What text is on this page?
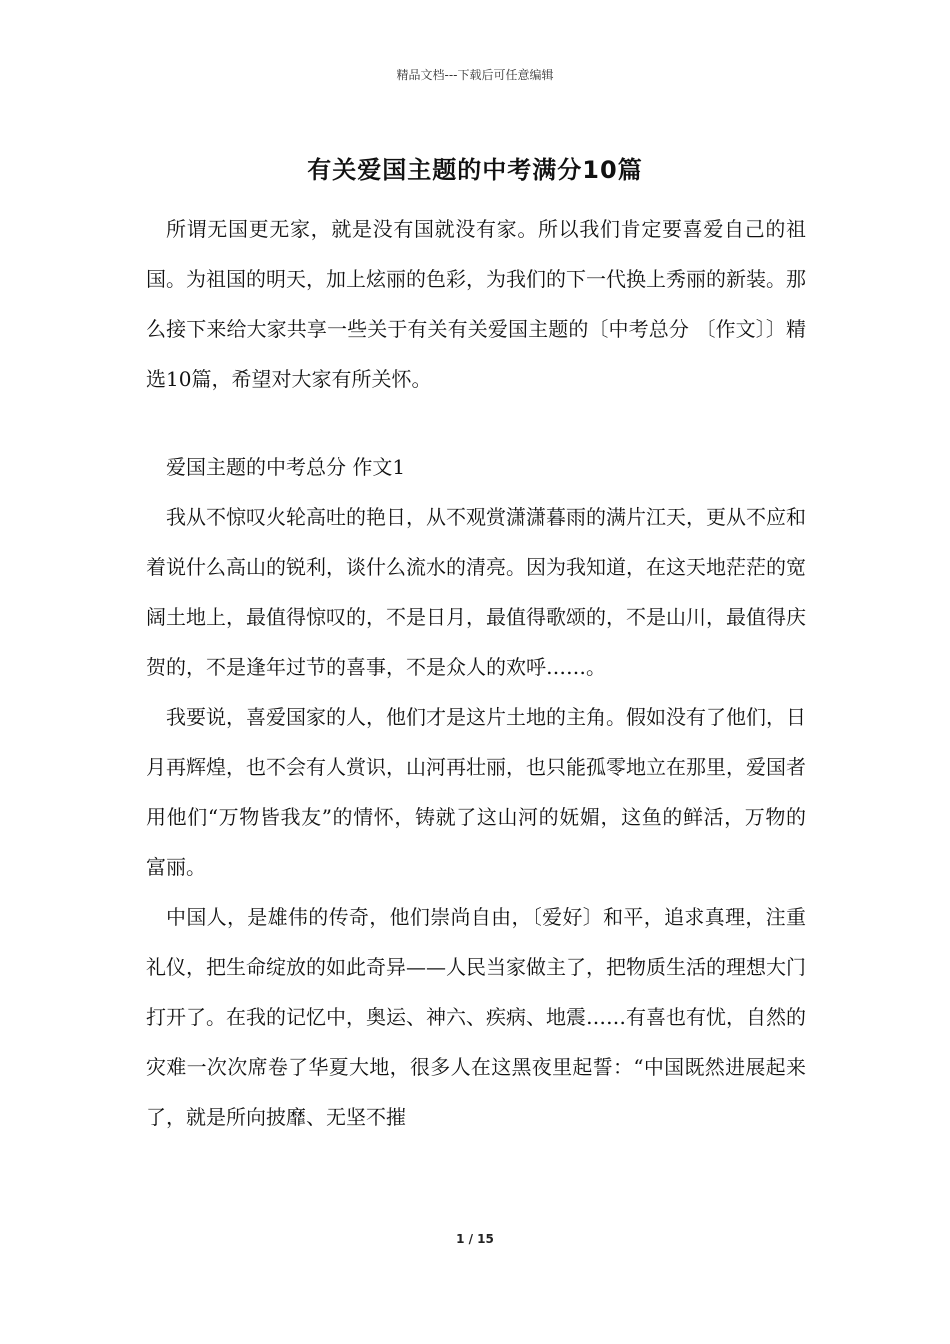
精品文档---下载后可任意编辑
有关爱国主题的中考满分10篇

所谓无国更无家，就是没有国就没有家。所以我们肯定要喜爱自己的祖国。为祖国的明天，加上炫丽的色彩，为我们的下一代换上秀丽的新装。那么接下来给大家共享一些关于有关有关爱国主题的〔中考总分 〔作文〕〕精选10篇，希望对大家有所关怀。

爱国主题的中考总分 作文1

我从不惊叹火轮高吐的艳日，从不观赏潇潇暮雨的满片江天，更从不应和着说什么高山的锐利，谈什么流水的清亮。因为我知道，在这天地茫茫的宽阔土地上，最值得惊叹的，不是日月，最值得歌颂的，不是山川，最值得庆贺的，不是逢年过节的喜事，不是众人的欢呼……。

我要说，喜爱国家的人，他们才是这片土地的主角。假如没有了他们，日月再辉煌，也不会有人赏识，山河再壮丽，也只能孤零地立在那里，爱国者用他们“万物皆我友”的情怀，铸就了这山河的妩媚，这鱼的鲜活，万物的富丽。

中国人，是雄伟的传奇，他们崇尚自由，〔爱好〕和平，追求真理，注重礼仪，把生命绽放的如此奇异——人民当家做主了，把物质生活的理想大门打开了。在我的记忆中，奥运、神六、疾病、地震……有喜也有忧，自然的灾难一次次席卷了华夏大地，很多人在这黑夜里起誓：“中国既然进展起来了，就是所向披靡、无坚不摧

1 / 15
